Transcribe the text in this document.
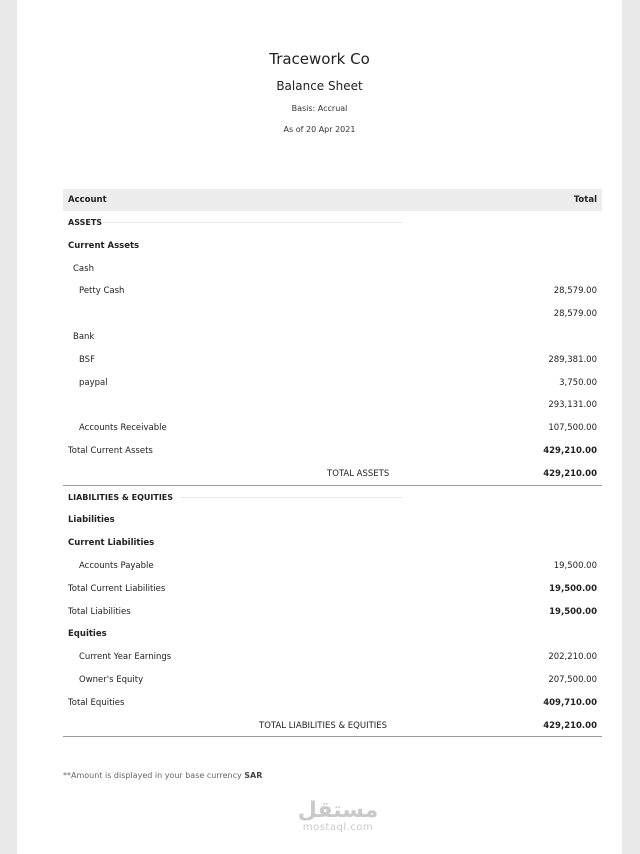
Tracework Co
Balance Sheet
Basis: Accrual
As of 20 Apr 2021
Account	Total
ASSETS
Current Assets
Cash
Petty Cash	28,579.00
28,579.00
Bank
BSF	289,381.00
paypal	3,750.00
293,131.00
Accounts Receivable	107,500.00
Total Current Assets	429,210.00
TOTAL ASSETS	429,210.00
LIABILITIES & EQUITIES
Liabilities
Current Liabilities
Accounts Payable	19,500.00
Total Current Liabilities	19,500.00
Total Liabilities	19,500.00
Equities
Current Year Earnings	202,210.00
Owner's Equity	207,500.00
Total Equities	409,710.00
TOTAL LIABILITIES & EQUITIES	429,210.00
**Amount is displayed in your base currency SAR
مستقل
mostaql.com
